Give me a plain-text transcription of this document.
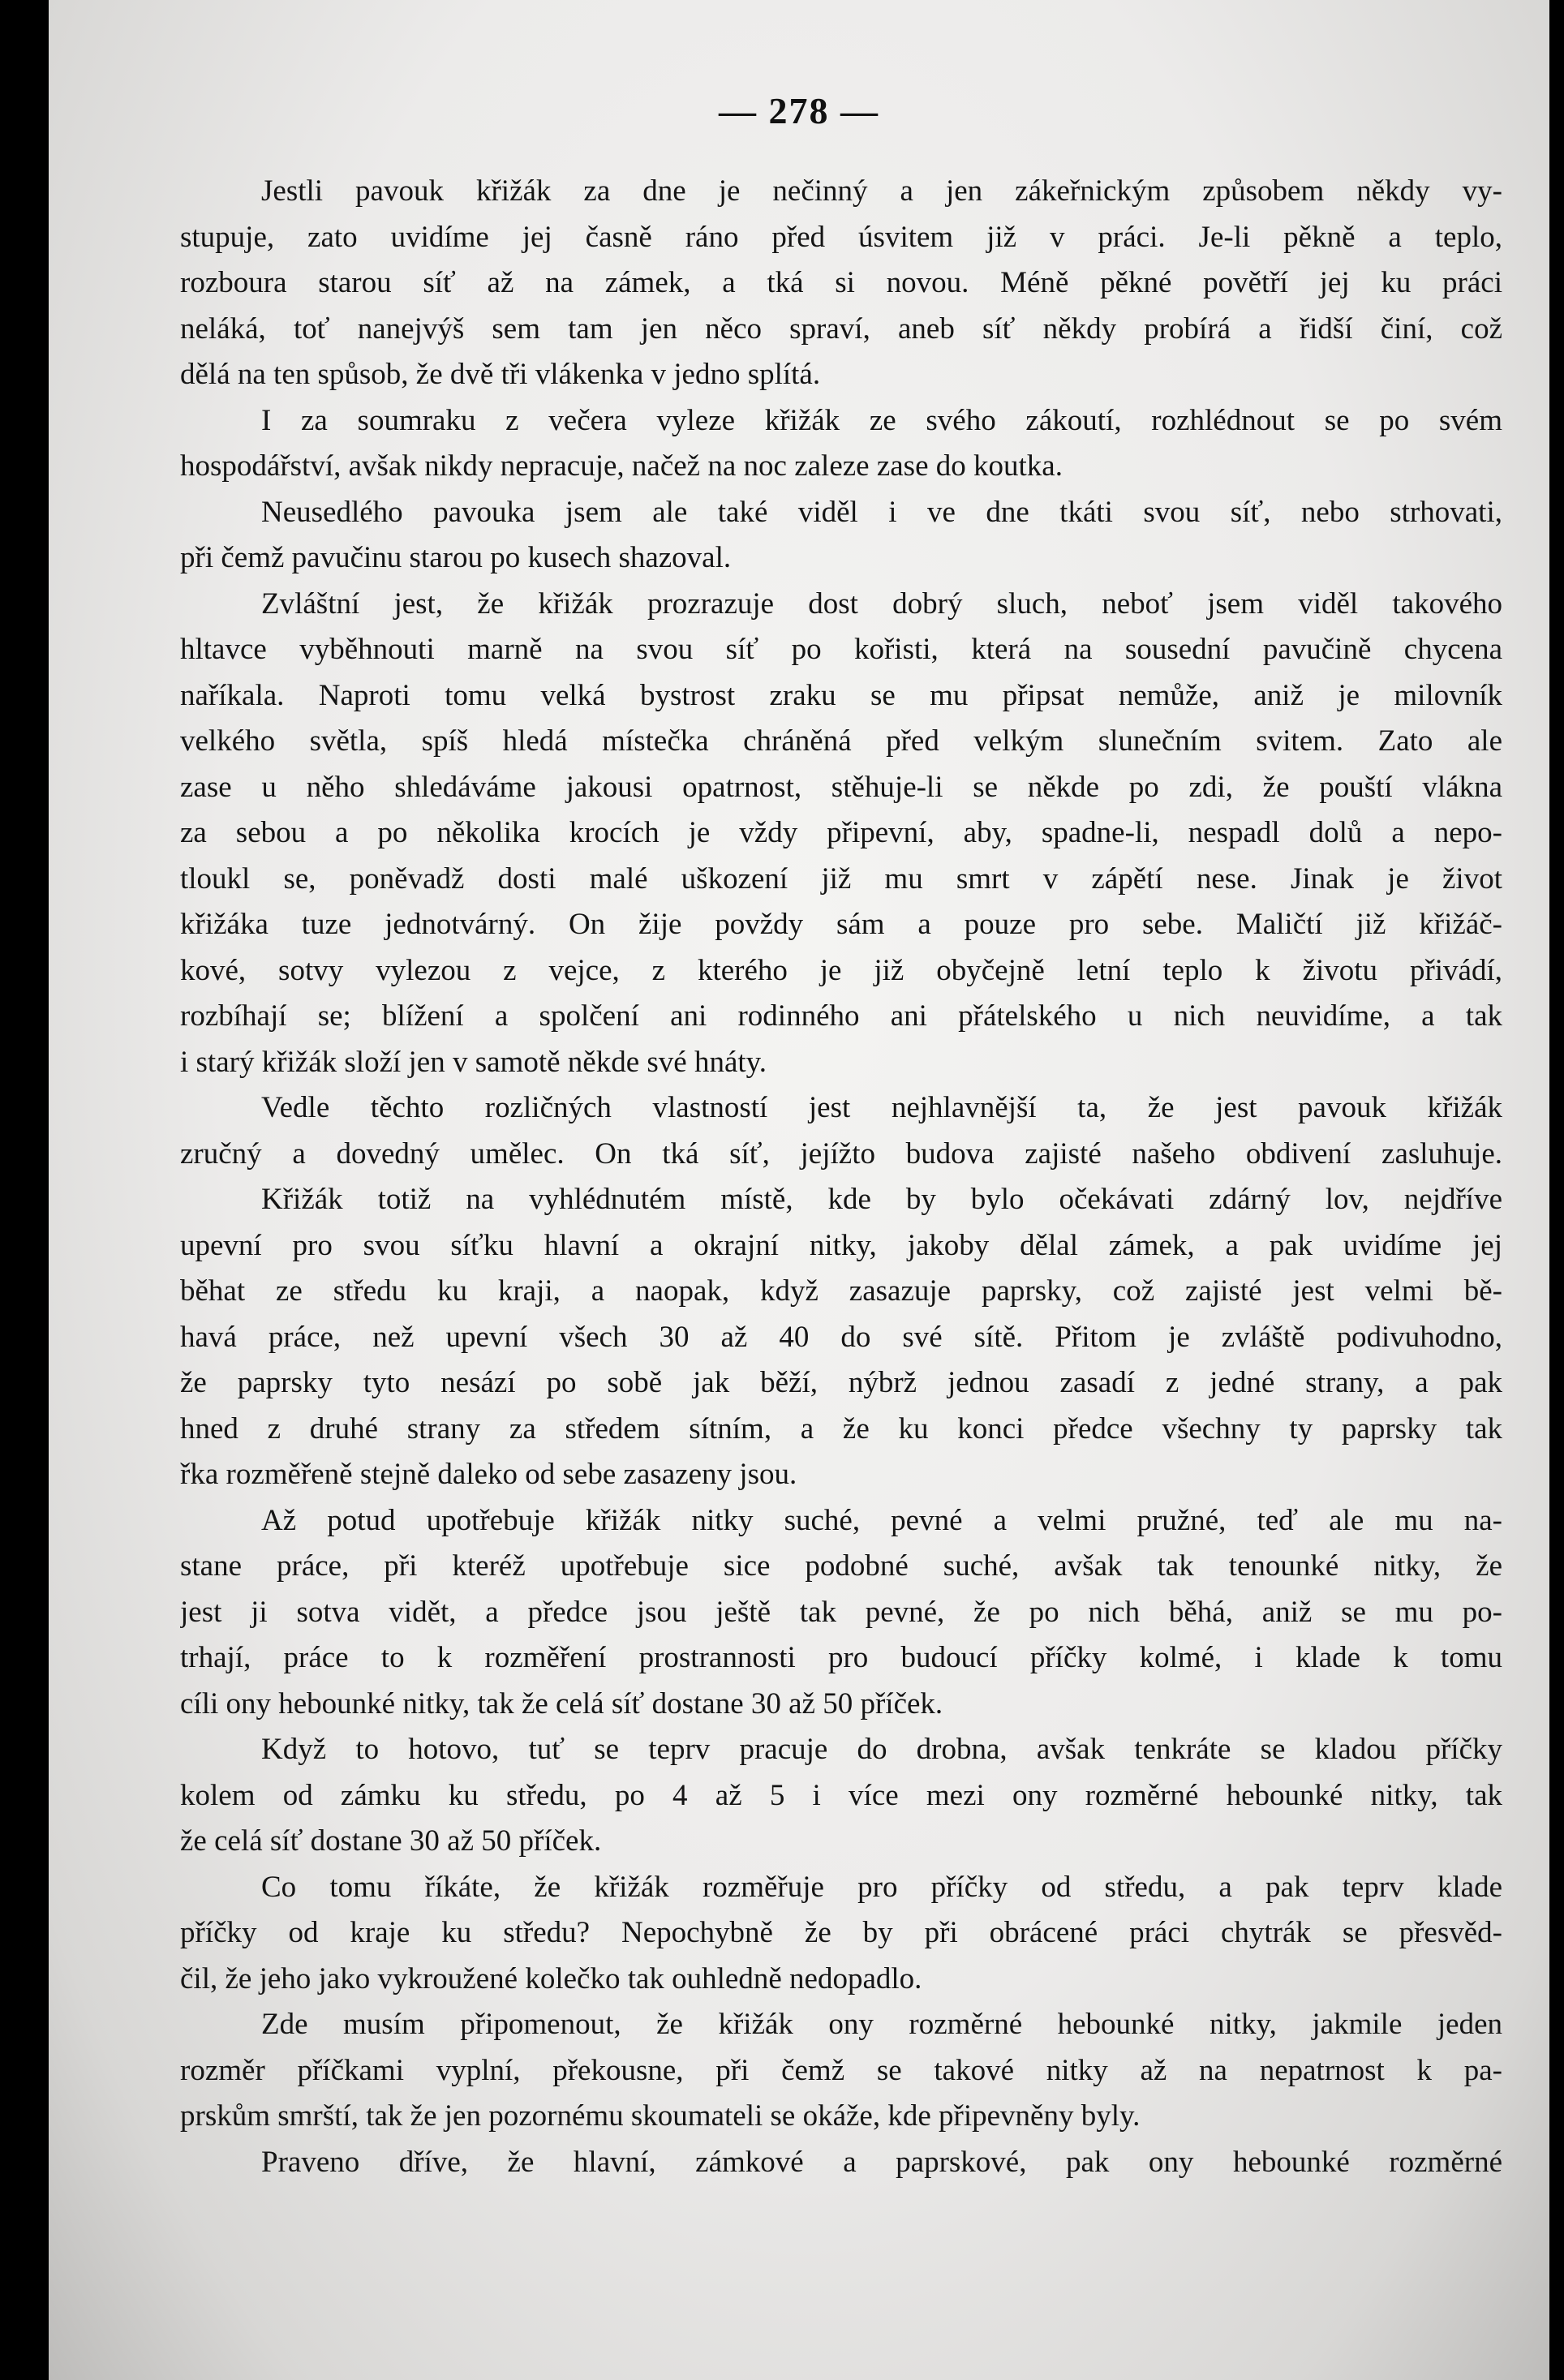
— 278 —
Jestli pavouk křižák za dne je nečinný a jen zákeřnickým způsobem někdy vy-
stupuje, zato uvidíme jej časně ráno před úsvitem již v práci. Je-li pěkně a teplo,
rozboura starou síť až na zámek, a tká si novou. Méně pěkné povětří jej ku práci
neláká, toť nanejvýš sem tam jen něco spraví, aneb síť někdy probírá a řidší činí, což
dělá na ten spůsob, že dvě tři vlákenka v jedno splítá.
I za soumraku z večera vyleze křižák ze svého zákoutí, rozhlédnout se po svém
hospodářství, avšak nikdy nepracuje, načež na noc zaleze zase do koutka.
Neusedlého pavouka jsem ale také viděl i ve dne tkáti svou síť, nebo strhovati,
při čemž pavučinu starou po kusech shazoval.
Zvláštní jest, že křižák prozrazuje dost dobrý sluch, neboť jsem viděl takového
hltavce vyběhnouti marně na svou síť po kořisti, která na sousední pavučině chycena
naříkala. Naproti tomu velká bystrost zraku se mu připsat nemůže, aniž je milovník
velkého světla, spíš hledá místečka chráněná před velkým slunečním svitem. Zato ale
zase u něho shledáváme jakousi opatrnost, stěhuje-li se někde po zdi, že pouští vlákna
za sebou a po několika krocích je vždy připevní, aby, spadne-li, nespadl dolů a nepo-
tloukl se, poněvadž dosti malé uškození již mu smrt v zápětí nese. Jinak je život
křižáka tuze jednotvárný. On žije povždy sám a pouze pro sebe. Maličtí již křižáč-
kové, sotvy vylezou z vejce, z kterého je již obyčejně letní teplo k životu přivádí,
rozbíhají se; blížení a spolčení ani rodinného ani přátelského u nich neuvidíme, a tak
i starý křižák složí jen v samotě někde své hnáty.
Vedle těchto rozličných vlastností jest nejhlavnější ta, že jest pavouk křižák
zručný a dovedný umělec. On tká síť, jejížto budova zajisté našeho obdivení zasluhuje.
Křižák totiž na vyhlédnutém místě, kde by bylo očekávati zdárný lov, nejdříve
upevní pro svou síťku hlavní a okrajní nitky, jakoby dělal zámek, a pak uvidíme jej
běhat ze středu ku kraji, a naopak, když zasazuje paprsky, což zajisté jest velmi bě-
havá práce, než upevní všech 30 až 40 do své sítě. Přitom je zvláště podivuhodno,
že paprsky tyto nesází po sobě jak běží, nýbrž jednou zasadí z jedné strany, a pak
hned z druhé strany za středem sítním, a že ku konci předce všechny ty paprsky tak
řka rozměřeně stejně daleko od sebe zasazeny jsou.
Až potud upotřebuje křižák nitky suché, pevné a velmi pružné, teď ale mu na-
stane práce, při kteréž upotřebuje sice podobné suché, avšak tak tenounké nitky, že
jest ji sotva vidět, a předce jsou ještě tak pevné, že po nich běhá, aniž se mu po-
trhají, práce to k rozměření prostrannosti pro budoucí příčky kolmé, i klade k tomu
cíli ony hebounké nitky, tak že celá síť dostane 30 až 50 příček.
Když to hotovo, tuť se teprv pracuje do drobna, avšak tenkráte se kladou příčky
kolem od zámku ku středu, po 4 až 5 i více mezi ony rozměrné hebounké nitky, tak
že celá síť dostane 30 až 50 příček.
Co tomu říkáte, že křižák rozměřuje pro příčky od středu, a pak teprv klade
příčky od kraje ku středu? Nepochybně že by při obrácené práci chytrák se přesvěd-
čil, že jeho jako vykroužené kolečko tak ouhledně nedopadlo.
Zde musím připomenout, že křižák ony rozměrné hebounké nitky, jakmile jeden
rozměr příčkami vyplní, překousne, při čemž se takové nitky až na nepatrnost k pa-
prskům smrští, tak že jen pozornému skoumateli se okáže, kde připevněny byly.
Praveno dříve, že hlavní, zámkové a paprskové, pak ony hebounké rozměrné
